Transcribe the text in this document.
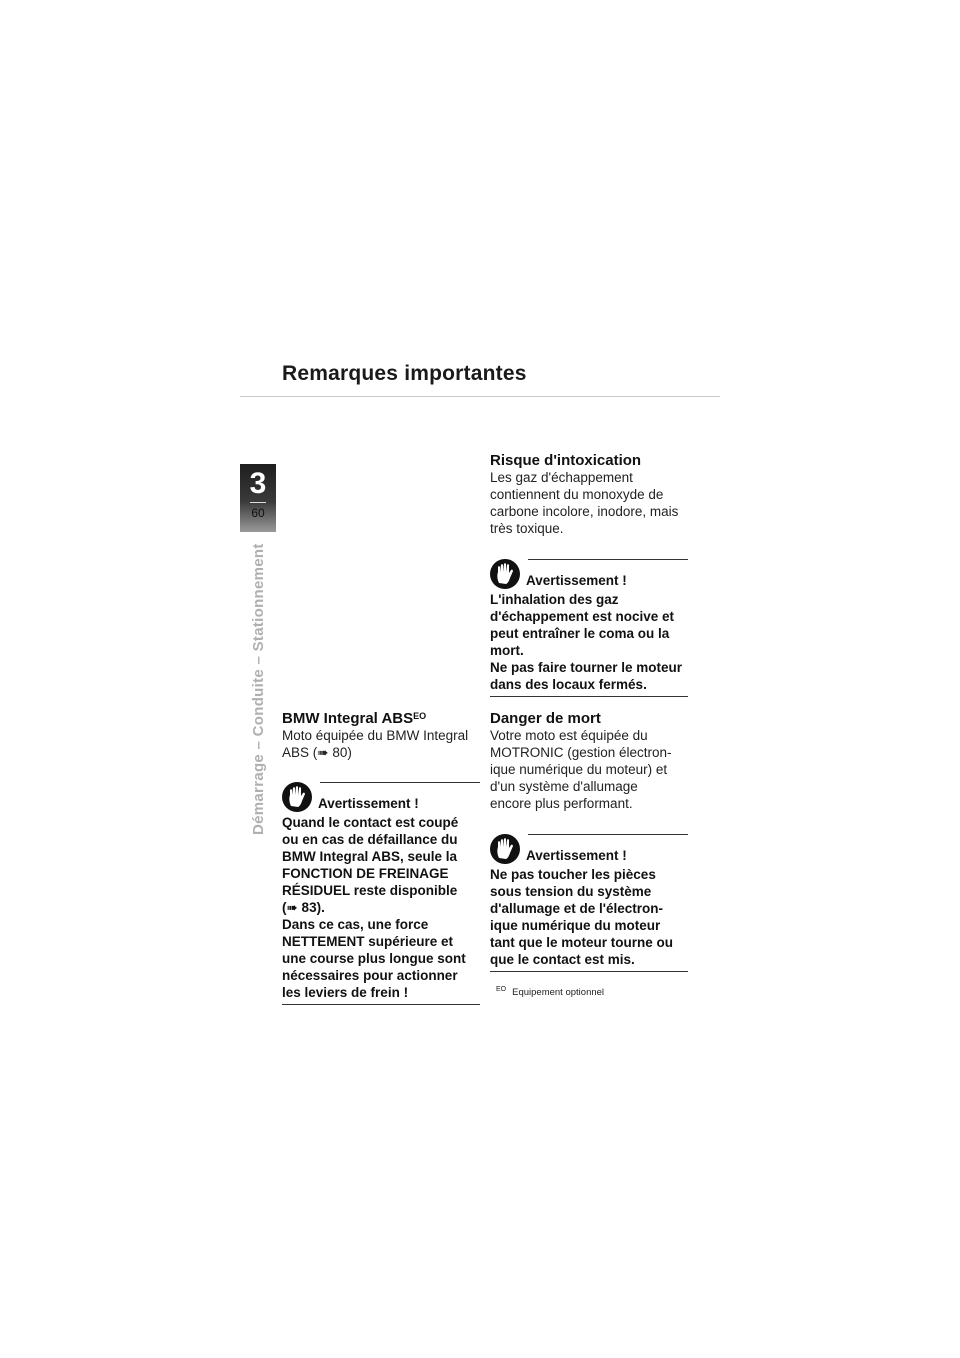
Remarques importantes
3
60
Démarrage – Conduite – Stationnement BMW Integral $ABS^{EO}$
Moto équipée du BMW Integral
ABS (➠ 80)
Avertissement !
Quand le contact est coupé
ou en cas de défaillance du
BMW Integral ABS, seule la
FONCTION DE FREINAGE
RÉSIDUEL reste disponible
(➠ 83).
Dans ce cas, une force
NETTEMENT supérieure et
une course plus longue sont
nécessaires pour actionner
les leviers de frein !
Risque d'intoxication
Les gaz d'échappement
contiennent du monoxyde de
carbone incolore, inodore, mais
très toxique.
Avertissement !
L'inhalation des gaz
d'échappement est nocive et
peut entraîner le coma ou la
mort.
Ne pas faire tourner le moteur
dans des locaux fermés.
Danger de mort
Votre moto est équipée du
MOTRONIC (gestion électron-
ique numérique du moteur) et
d'un système d'allumage
encore plus performant.
Avertissement !
Ne pas toucher les pièces
sous tension du système
d'allumage et de l'électron-
ique numérique du moteur
tant que le moteur tourne ou
que le contact est mis.
$^{EO}$ Equipement optionnel
